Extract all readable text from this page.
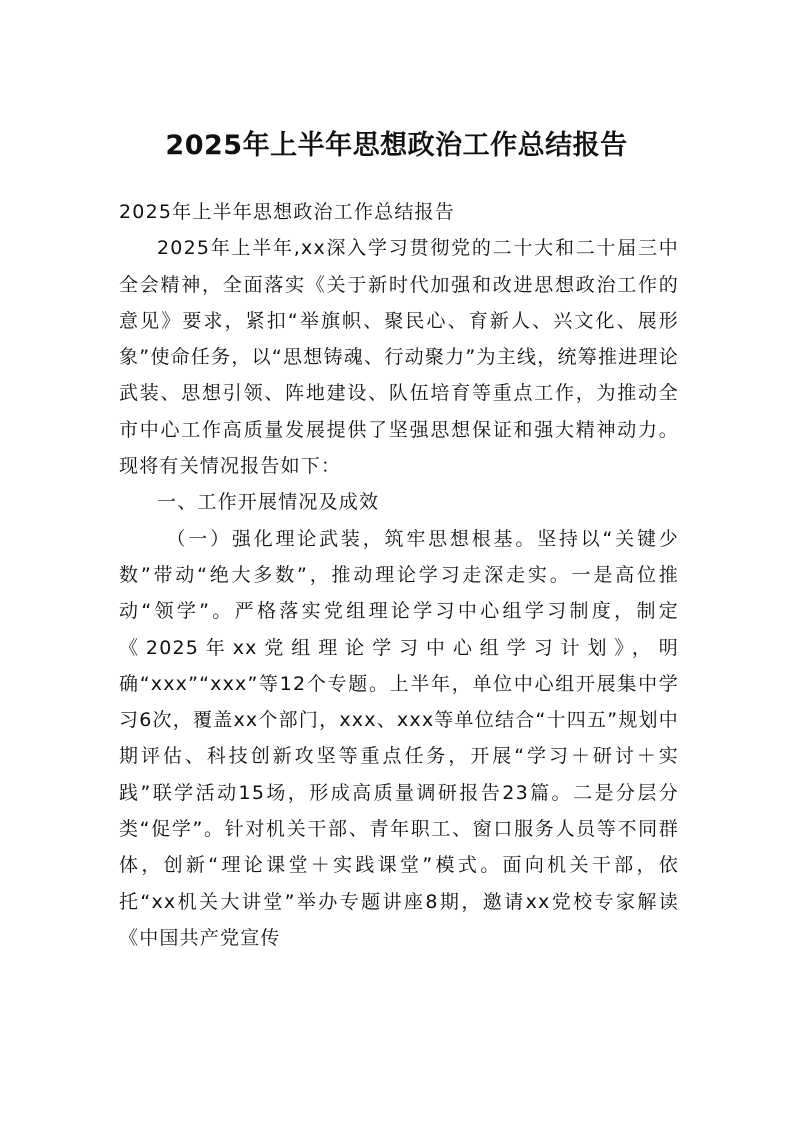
2025年上半年思想政治工作总结报告

2025年上半年思想政治工作总结报告

2025年上半年,xx深入学习贯彻党的二十大和二十届三中全会精神，全面落实《关于新时代加强和改进思想政治工作的意见》要求，紧扣“举旗帜、聚民心、育新人、兴文化、展形象”使命任务，以“思想铸魂、行动聚力”为主线，统筹推进理论武装、思想引领、阵地建设、队伍培育等重点工作，为推动全市中心工作高质量发展提供了坚强思想保证和强大精神动力。现将有关情况报告如下：

一、工作开展情况及成效

（一）强化理论武装，筑牢思想根基。坚持以“关键少数”带动“绝大多数”，推动理论学习走深走实。一是高位推动“领学”。严格落实党组理论学习中心组学习制度，制定《2025年xx党组理论学习中心组学习计划》，明确“xxx”“xxx”等12个专题。上半年，单位中心组开展集中学习6次，覆盖xx个部门，xxx、xxx等单位结合“十四五”规划中期评估、科技创新攻坚等重点任务，开展“学习＋研讨＋实践”联学活动15场，形成高质量调研报告23篇。二是分层分类“促学”。针对机关干部、青年职工、窗口服务人员等不同群体，创新“理论课堂＋实践课堂”模式。面向机关干部，依托“xx机关大讲堂”举办专题讲座8期，邀请xx党校专家解读《中国共产党宣传
